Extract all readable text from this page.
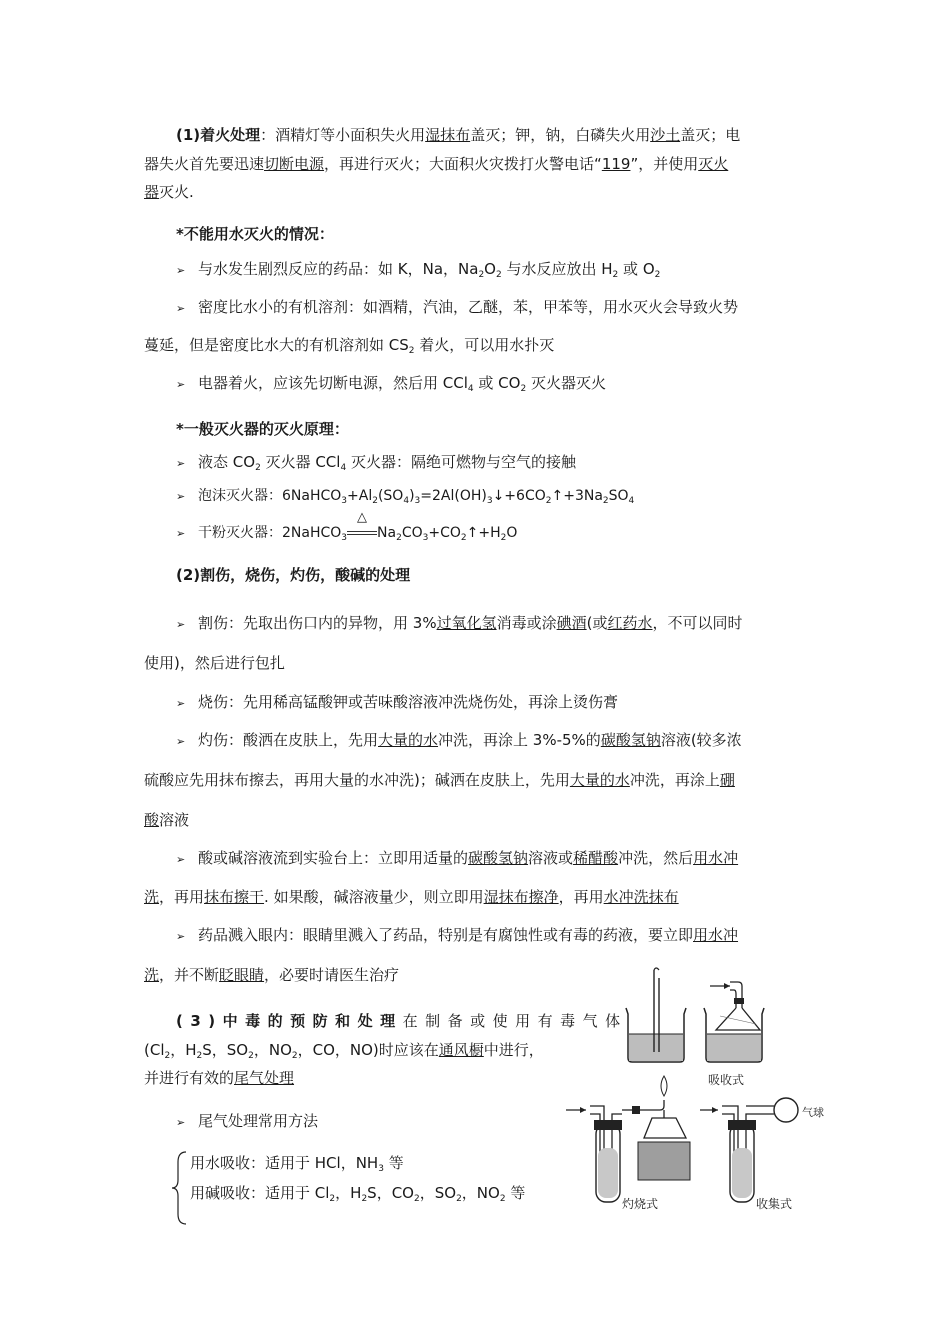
(1)着火处理：酒精灯等小面积失火用湿抹布盖灭；钾，钠，白磷失火用沙土盖灭；电
器失火首先要迅速切断电源，再进行灭火；大面积火灾拨打火警电话“119”，并使用灭火
器灭火.
*不能用水灭火的情况：
➢ 与水发生剧烈反应的药品：如 K，Na，$Na_2O_2$ 与水反应放出 $H_2$ 或 $O_2$
➢ 密度比水小的有机溶剂：如酒精，汽油，乙醚，苯，甲苯等，用水灭火会导致火势
蔓延，但是密度比水大的有机溶剂如 $CS_2$ 着火，可以用水扑灭
➢ 电器着火，应该先切断电源，然后用 CCl$_4$ 或 $CO_2$ 灭火器灭火
*一般灭火器的灭火原理：
➢ 液态 $CO_2$ 灭火器 CCl$_4$ 灭火器：隔绝可燃物与空气的接触
➢ 泡沫灭火器：$6NaHCO_3+Al_2(SO_4)_3=2Al(OH)_3↓+6CO_2↑+3Na_2SO_4$
➢ 干粉灭火器：2NaHCO$_3$
△
$Na_2CO_3+CO_2↑+H_2O$
(2)割伤，烧伤，灼伤，酸碱的处理
➢ 割伤：先取出伤口内的异物，用 3%过氧化氢消毒或涂碘酒(或红药水，不可以同时
使用)，然后进行包扎
➢ 烧伤：先用稀高锰酸钾或苦味酸溶液冲洗烧伤处，再涂上烫伤膏
➢ 灼伤：酸洒在皮肤上，先用大量的水冲洗，再涂上 3%-5%的碳酸氢钠溶液(较多浓
硫酸应先用抹布擦去，再用大量的水冲洗)；碱洒在皮肤上，先用大量的水冲洗，再涂上硼
酸溶液
➢ 酸或碱溶液流到实验台上：立即用适量的碳酸氢钠溶液或稀醋酸冲洗，然后用水冲
洗，再用抹布擦干. 如果酸，碱溶液量少，则立即用湿抹布擦净，再用水冲洗抹布
➢ 药品溅入眼内：眼睛里溅入了药品，特别是有腐蚀性或有毒的药液，要立即用水冲
洗，并不断眨眼睛，必要时请医生治疗
(3)中毒的预防和处理在制备或使用有毒气体
($Cl_2$，$H_2S$，$SO_2$，$NO_2$，CO，NO)时应该在通风橱中进行，
并进行有效的尾气处理
➢ 尾气处理常用方法
用水吸收：适用于 HCl，$NH_3$ 等
用碱吸收：适用于 $Cl_2$，$H_2S$，$CO_2$，$SO_2$，$NO_2$ 等
吸收式
灼烧式	收集式
气球
